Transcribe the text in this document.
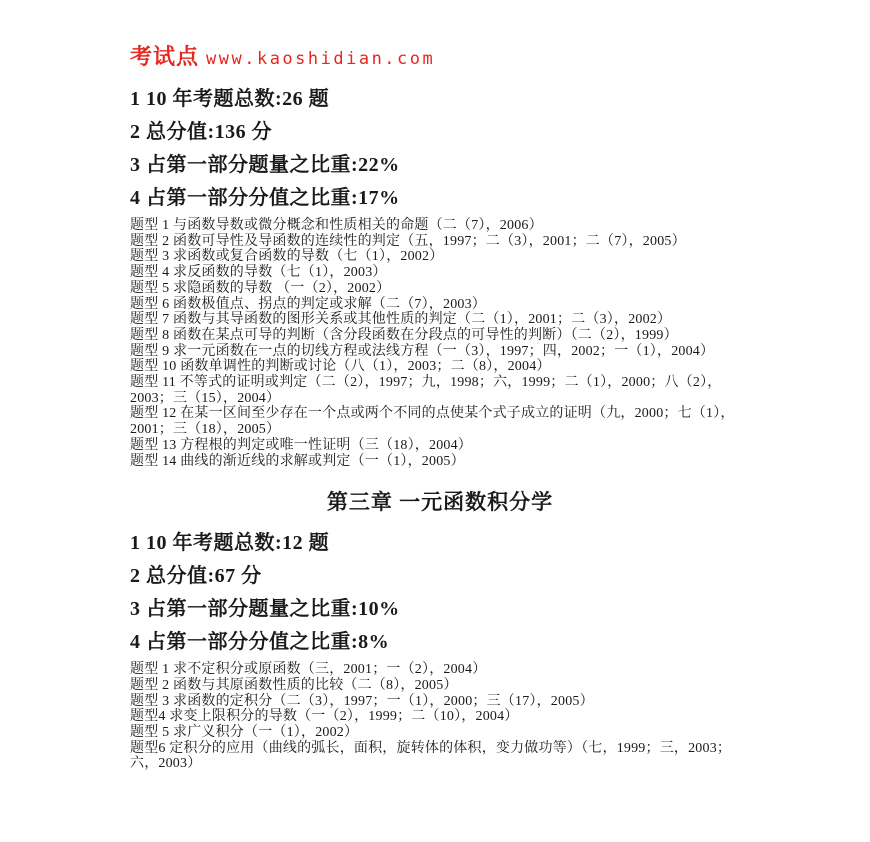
考试点 www.kaoshidian.com
1 10 年考题总数:26 题
2 总分值:136 分
3 占第一部分题量之比重:22%
4 占第一部分分值之比重:17%
题型 1 与函数导数或微分概念和性质相关的命题（二（7），2006）
题型 2 函数可导性及导函数的连续性的判定（五，1997；二（3），2001；二（7），2005）
题型 3 求函数或复合函数的导数（七（1），2002）
题型 4 求反函数的导数（七（1），2003）
题型 5 求隐函数的导数 （一（2），2002）
题型 6 函数极值点、拐点的判定或求解（二（7），2003）
题型 7 函数与其导函数的图形关系或其他性质的判定（二（1），2001；二（3），2002）
题型 8 函数在某点可导的判断（含分段函数在分段点的可导性的判断）（二（2），1999）
题型 9 求一元函数在一点的切线方程或法线方程（一（3），1997；四，2002；一（1），2004）
题型 10 函数单调性的判断或讨论（八（1），2003；二（8），2004）
题型 11 不等式的证明或判定（二（2），1997；九，1998；六，1999；二（1），2000；八（2），2003；三（15），2004）
题型 12 在某一区间至少存在一个点或两个不同的点使某个式子成立的证明（九，2000；七（1），2001；三（18），2005）
题型 13 方程根的判定或唯一性证明（三（18），2004）
题型 14 曲线的渐近线的求解或判定（一（1），2005）
第三章 一元函数积分学
1 10 年考题总数:12 题
2 总分值:67 分
3 占第一部分题量之比重:10%
4 占第一部分分值之比重:8%
题型 1 求不定积分或原函数（三，2001；一（2），2004）
题型 2 函数与其原函数性质的比较（二（8），2005）
题型 3 求函数的定积分（二（3），1997；一（1），2000；三（17），2005）
题型4 求变上限积分的导数（一（2），1999；二（10），2004）
题型 5 求广义积分（一（1），2002）
题型6 定积分的应用（曲线的弧长，面积，旋转体的体积，变力做功等）（七，1999；三，2003；六，2003）
